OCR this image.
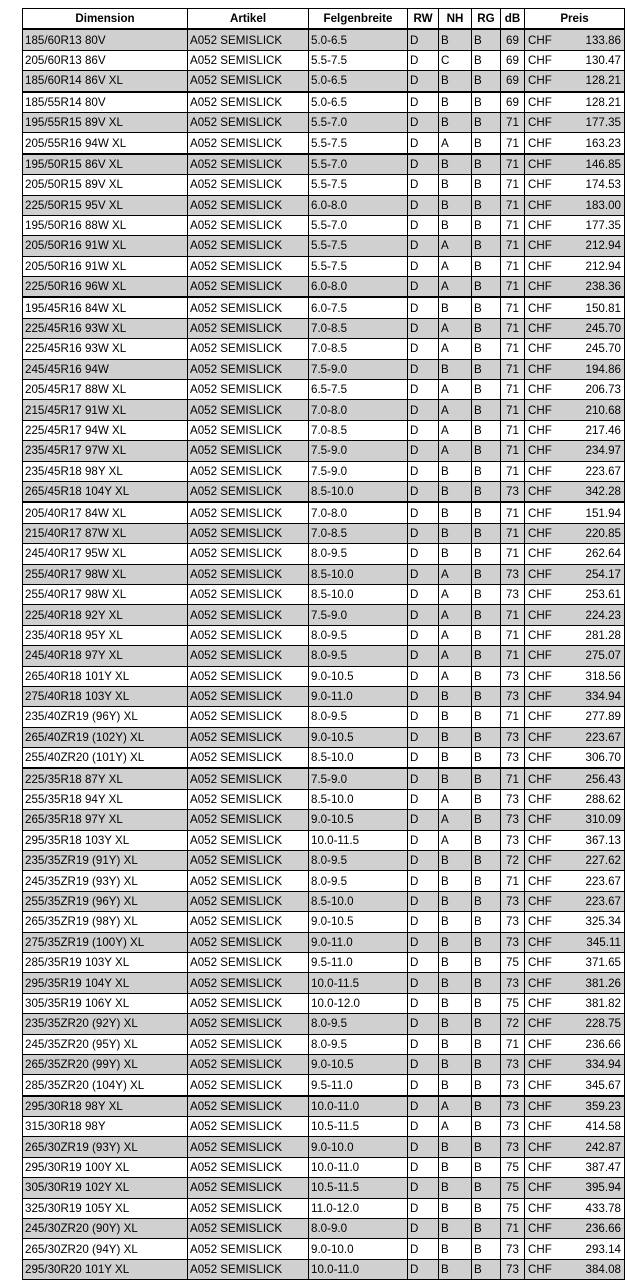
Dimension	Artikel	Felgenbreite	RW	NH	RG	dB	Preis
185/60R13 80V	A052 SEMISLICK	5.0-6.5	D	B	B	69	CHF 133.86

205/60R13 86V	A052 SEMISLICK	5.5-7.5	D	C	B	69	CHF 130.47

185/60R14 86V XL	A052 SEMISLICK	5.0-6.5	D	B	B	69	CHF 128.21

185/55R14 80V	A052 SEMISLICK	5.0-6.5	D	B	B	69	CHF 128.21

195/55R15 89V XL	A052 SEMISLICK	5.5-7.0	D	B	B	71	CHF 177.35

205/55R16 94W XL	A052 SEMISLICK	5.5-7.5	D	A	B	71	CHF 163.23

195/50R15 86V XL	A052 SEMISLICK	5.5-7.0	D	B	B	71	CHF 146.85

205/50R15 89V XL	A052 SEMISLICK	5.5-7.5	D	B	B	71	CHF 174.53

225/50R15 95V XL	A052 SEMISLICK	6.0-8.0	D	B	B	71	CHF 183.00

195/50R16 88W XL	A052 SEMISLICK	5.5-7.0	D	B	B	71	CHF 177.35

205/50R16 91W XL	A052 SEMISLICK	5.5-7.5	D	A	B	71	CHF 212.94

205/50R16 91W XL	A052 SEMISLICK	5.5-7.5	D	A	B	71	CHF 212.94

225/50R16 96W XL	A052 SEMISLICK	6.0-8.0	D	A	B	71	CHF 238.36

195/45R16 84W XL	A052 SEMISLICK	6.0-7.5	D	B	B	71	CHF 150.81

225/45R16 93W XL	A052 SEMISLICK	7.0-8.5	D	A	B	71	CHF 245.70

225/45R16 93W XL	A052 SEMISLICK	7.0-8.5	D	A	B	71	CHF 245.70

245/45R16 94W	A052 SEMISLICK	7.5-9.0	D	B	B	71	CHF 194.86

205/45R17 88W XL	A052 SEMISLICK	6.5-7.5	D	A	B	71	CHF 206.73

215/45R17 91W XL	A052 SEMISLICK	7.0-8.0	D	A	B	71	CHF 210.68

225/45R17 94W XL	A052 SEMISLICK	7.0-8.5	D	A	B	71	CHF 217.46

235/45R17 97W XL	A052 SEMISLICK	7.5-9.0	D	A	B	71	CHF 234.97

235/45R18 98Y XL	A052 SEMISLICK	7.5-9.0	D	B	B	71	CHF 223.67

265/45R18 104Y XL	A052 SEMISLICK	8.5-10.0	D	B	B	73	CHF 342.28

205/40R17 84W XL	A052 SEMISLICK	7.0-8.0	D	B	B	71	CHF 151.94

215/40R17 87W XL	A052 SEMISLICK	7.0-8.5	D	B	B	71	CHF 220.85

245/40R17 95W XL	A052 SEMISLICK	8.0-9.5	D	B	B	71	CHF 262.64

255/40R17 98W XL	A052 SEMISLICK	8.5-10.0	D	A	B	73	CHF 254.17

255/40R17 98W XL	A052 SEMISLICK	8.5-10.0	D	A	B	73	CHF 253.61

225/40R18 92Y XL	A052 SEMISLICK	7.5-9.0	D	A	B	71	CHF 224.23

235/40R18 95Y XL	A052 SEMISLICK	8.0-9.5	D	A	B	71	CHF 281.28

245/40R18 97Y XL	A052 SEMISLICK	8.0-9.5	D	A	B	71	CHF 275.07

265/40R18 101Y XL	A052 SEMISLICK	9.0-10.5	D	A	B	73	CHF 318.56

275/40R18 103Y XL	A052 SEMISLICK	9.0-11.0	D	B	B	73	CHF 334.94

235/40ZR19 (96Y) XL	A052 SEMISLICK	8.0-9.5	D	B	B	71	CHF 277.89

265/40ZR19 (102Y) XL	A052 SEMISLICK	9.0-10.5	D	B	B	73	CHF 223.67

255/40ZR20 (101Y) XL	A052 SEMISLICK	8.5-10.0	D	B	B	73	CHF 306.70

225/35R18 87Y XL	A052 SEMISLICK	7.5-9.0	D	B	B	71	CHF 256.43

255/35R18 94Y XL	A052 SEMISLICK	8.5-10.0	D	A	B	73	CHF 288.62

265/35R18 97Y XL	A052 SEMISLICK	9.0-10.5	D	A	B	73	CHF 310.09

295/35R18 103Y XL	A052 SEMISLICK	10.0-11.5	D	A	B	73	CHF 367.13

235/35ZR19 (91Y) XL	A052 SEMISLICK	8.0-9.5	D	B	B	72	CHF 227.62

245/35ZR19 (93Y) XL	A052 SEMISLICK	8.0-9.5	D	B	B	71	CHF 223.67

255/35ZR19 (96Y) XL	A052 SEMISLICK	8.5-10.0	D	B	B	73	CHF 223.67

265/35ZR19 (98Y) XL	A052 SEMISLICK	9.0-10.5	D	B	B	73	CHF 325.34

275/35ZR19 (100Y) XL	A052 SEMISLICK	9.0-11.0	D	B	B	73	CHF 345.11

285/35R19 103Y XL	A052 SEMISLICK	9.5-11.0	D	B	B	75	CHF 371.65

295/35R19 104Y XL	A052 SEMISLICK	10.0-11.5	D	B	B	73	CHF 381.26

305/35R19 106Y XL	A052 SEMISLICK	10.0-12.0	D	B	B	75	CHF 381.82

235/35ZR20 (92Y) XL	A052 SEMISLICK	8.0-9.5	D	B	B	72	CHF 228.75

245/35ZR20 (95Y) XL	A052 SEMISLICK	8.0-9.5	D	B	B	71	CHF 236.66

265/35ZR20 (99Y) XL	A052 SEMISLICK	9.0-10.5	D	B	B	73	CHF 334.94

285/35ZR20 (104Y) XL	A052 SEMISLICK	9.5-11.0	D	B	B	73	CHF 345.67

295/30R18 98Y XL	A052 SEMISLICK	10.0-11.0	D	A	B	73	CHF 359.23

315/30R18 98Y	A052 SEMISLICK	10.5-11.5	D	A	B	73	CHF 414.58

265/30ZR19 (93Y) XL	A052 SEMISLICK	9.0-10.0	D	B	B	73	CHF 242.87

295/30R19 100Y XL	A052 SEMISLICK	10.0-11.0	D	B	B	75	CHF 387.47

305/30R19 102Y XL	A052 SEMISLICK	10.5-11.5	D	B	B	75	CHF 395.94

325/30R19 105Y XL	A052 SEMISLICK	11.0-12.0	D	B	B	75	CHF 433.78

245/30ZR20 (90Y) XL	A052 SEMISLICK	8.0-9.0	D	B	B	71	CHF 236.66

265/30ZR20 (94Y) XL	A052 SEMISLICK	9.0-10.0	D	B	B	73	CHF 293.14

295/30R20 101Y XL	A052 SEMISLICK	10.0-11.0	D	B	B	73	CHF 384.08
